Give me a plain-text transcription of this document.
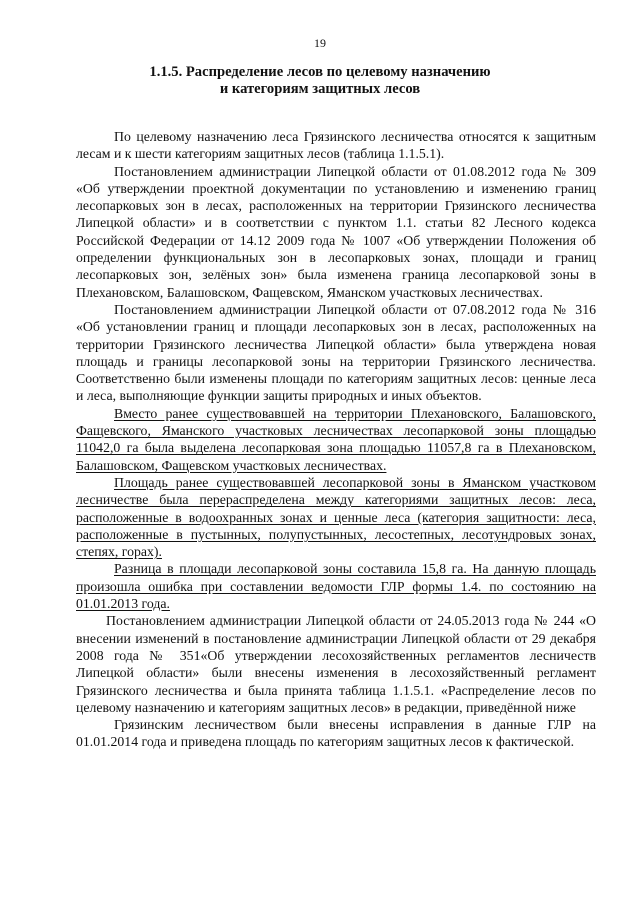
19
1.1.5. Распределение лесов по целевому назначению
и категориям защитных лесов

По целевому назначению леса Грязинского лесничества относятся к защитным лесам и к шести категориям защитных лесов (таблица 1.1.5.1).

Постановлением администрации Липецкой области от 01.08.2012 года № 309 «Об утверждении проектной документации по установлению и изменению границ лесопарковых зон в лесах, расположенных на территории Грязинского лесничества Липецкой области» и в соответствии с пунктом 1.1. статьи 82 Лесного кодекса Российской Федерации от 14.12 2009 года № 1007 «Об утверждении Положения об определении функциональных зон в лесопарковых зонах, площади и границ лесопарковых зон, зелёных зон» была изменена граница лесопарковой зоны в Плехановском, Балашовском, Фащевском, Яманском участковых лесничествах.

Постановлением администрации Липецкой области от 07.08.2012 года № 316 «Об установлении границ и площади лесопарковых зон в лесах, расположенных на территории Грязинского лесничества Липецкой области» была утверждена новая площадь и границы лесопарковой зоны на территории Грязинского лесничества. Соответственно были изменены площади по категориям защитных лесов: ценные леса и леса, выполняющие функции защиты природных и иных объектов.

Вместо ранее существовавшей на территории Плехановского, Балашовского, Фащевского, Яманского участковых лесничествах лесопарковой зоны площадью 11042,0 га была выделена лесопарковая зона площадью 11057,8 га в Плехановском, Балашовском, Фащевском участковых лесничествах.

Площадь ранее существовавшей лесопарковой зоны в Яманском участковом лесничестве была перераспределена между категориями защитных лесов: леса, расположенные в водоохранных зонах и ценные леса (категория защитности: леса, расположенные в пустынных, полупустынных, лесостепных, лесотундровых зонах, степях, горах).

Разница в площади лесопарковой зоны составила 15,8 га. На данную площадь произошла ошибка при составлении ведомости ГЛР формы 1.4. по состоянию на 01.01.2013 года.

Постановлением администрации Липецкой области от 24.05.2013 года № 244 «О внесении изменений в постановление администрации Липецкой области от 29 декабря 2008 года № 351«Об утверждении лесохозяйственных регламентов лесничеств Липецкой области» были внесены изменения в лесохозяйственный регламент Грязинского лесничества и была принята таблица 1.1.5.1. «Распределение лесов по целевому назначению и категориям защитных лесов» в редакции, приведённой ниже

Грязинским лесничеством были внесены исправления в данные ГЛР на 01.01.2014 года и приведена площадь по категориям защитных лесов к фактической.
